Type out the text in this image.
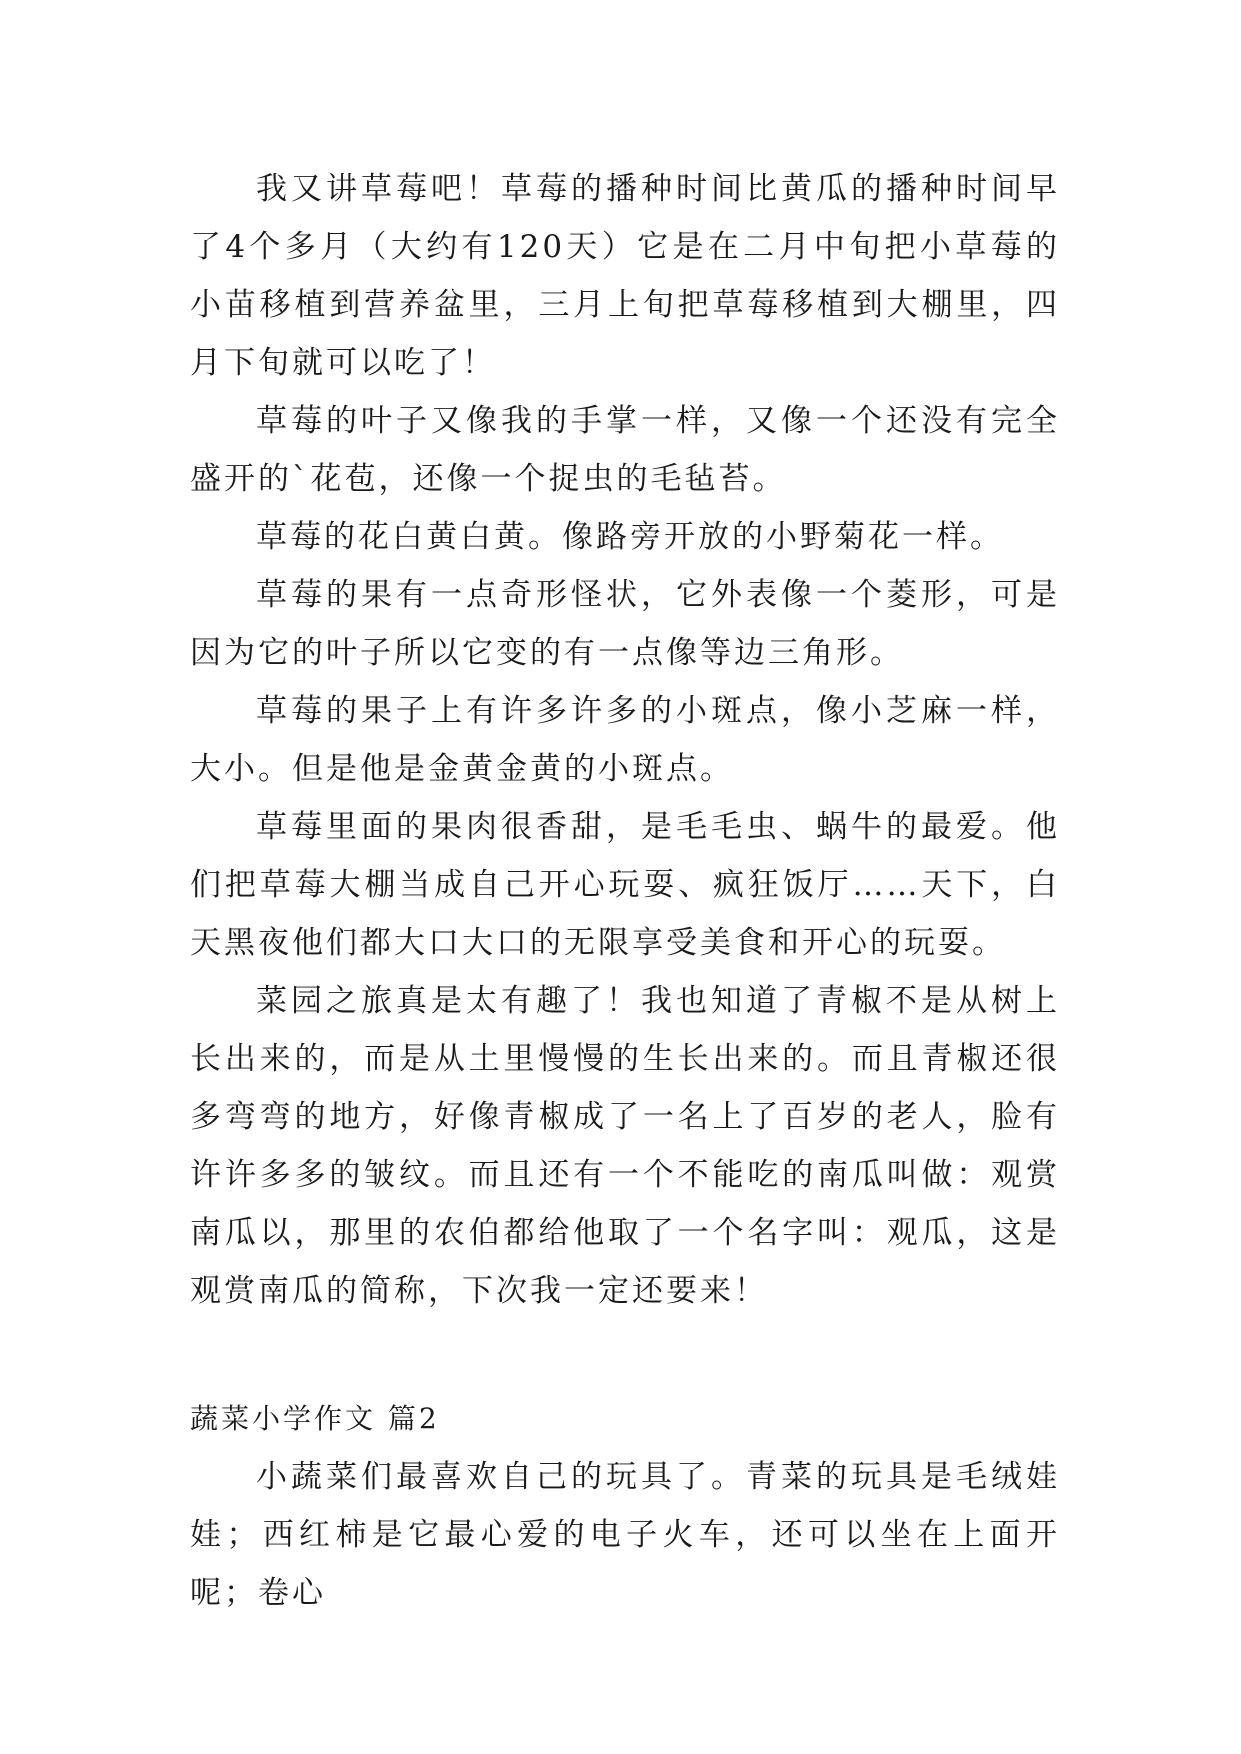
我又讲草莓吧！草莓的播种时间比黄瓜的播种时间早了4个多月（大约有120天）它是在二月中旬把小草莓的小苗移植到营养盆里，三月上旬把草莓移植到大棚里，四月下旬就可以吃了！

草莓的叶子又像我的手掌一样，又像一个还没有完全盛开的`花苞，还像一个捉虫的毛毡苔。

草莓的花白黄白黄。像路旁开放的小野菊花一样。

草莓的果有一点奇形怪状，它外表像一个菱形，可是因为它的叶子所以它变的有一点像等边三角形。

草莓的果子上有许多许多的小斑点，像小芝麻一样，大小。但是他是金黄金黄的小斑点。

草莓里面的果肉很香甜，是毛毛虫、蜗牛的最爱。他们把草莓大棚当成自己开心玩耍、疯狂饭厅……天下，白天黑夜他们都大口大口的无限享受美食和开心的玩耍。

菜园之旅真是太有趣了！我也知道了青椒不是从树上长出来的，而是从土里慢慢的生长出来的。而且青椒还很多弯弯的地方，好像青椒成了一名上了百岁的老人，脸有许许多多的皱纹。而且还有一个不能吃的南瓜叫做：观赏南瓜以，那里的农伯都给他取了一个名字叫：观瓜，这是观赏南瓜的简称，下次我一定还要来！

蔬菜小学作文 篇2

小蔬菜们最喜欢自己的玩具了。青菜的玩具是毛绒娃娃；西红柿是它最心爱的电子火车，还可以坐在上面开呢；卷心
